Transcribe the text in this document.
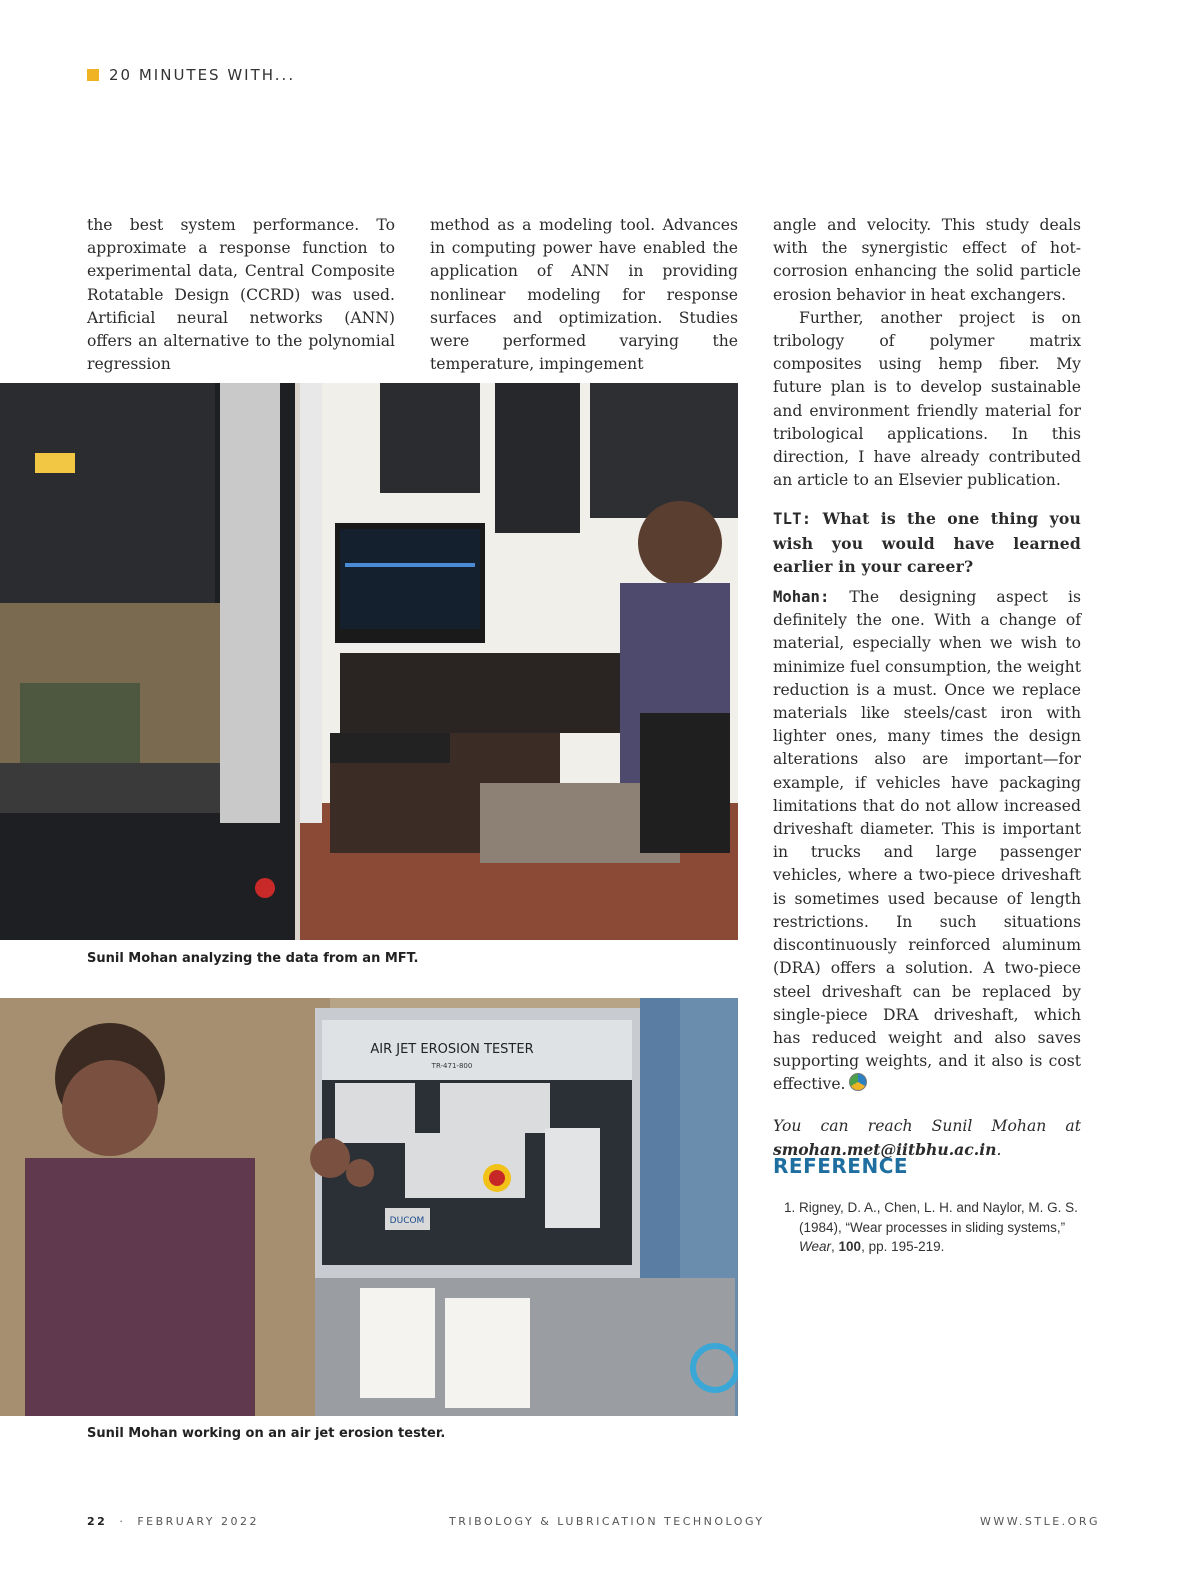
20 MINUTES WITH...

the best system performance. To approximate a response function to experimental data, Central Composite Rotatable Design (CCRD) was used. Artificial neural networks (ANN) offers an alternative to the polynomial regression

method as a modeling tool. Advances in computing power have enabled the application of ANN in providing nonlinear modeling for response surfaces and optimization. Studies were performed varying the temperature, impingement

angle and velocity. This study deals with the synergistic effect of hot-corrosion enhancing the solid particle erosion behavior in heat exchangers.

Further, another project is on tribology of polymer matrix composites using hemp fiber. My future plan is to develop sustainable and environment friendly material for tribological applications. In this direction, I have already contributed an article to an Elsevier publication.

TLT: What is the one thing you wish you would have learned earlier in your career?

Mohan: The designing aspect is definitely the one. With a change of material, especially when we wish to minimize fuel consumption, the weight reduction is a must. Once we replace materials like steels/cast iron with lighter ones, many times the design alterations also are important—for example, if vehicles have packaging limitations that do not allow increased driveshaft diameter. This is important in trucks and large passenger vehicles, where a two-piece driveshaft is sometimes used because of length restrictions. In such situations discontinuously reinforced aluminum (DRA) offers a solution. A two-piece steel driveshaft can be replaced by single-piece DRA driveshaft, which has reduced weight and also saves supporting weights, and it also is cost effective.

You can reach Sunil Mohan at smohan.met@iitbhu.ac.in.

Sunil Mohan analyzing the data from an MFT.
AIR JET EROSION TESTER
TR-471-800
DUCOM
Sunil Mohan working on an air jet erosion tester.
REFERENCE
1. Rigney, D. A., Chen, L. H. and Naylor, M. G. S. (1984), “Wear processes in sliding systems,” Wear, 100, pp. 195-219.
22 · FEBRUARY 2022	TRIBOLOGY & LUBRICATION TECHNOLOGY	WWW.STLE.ORG
